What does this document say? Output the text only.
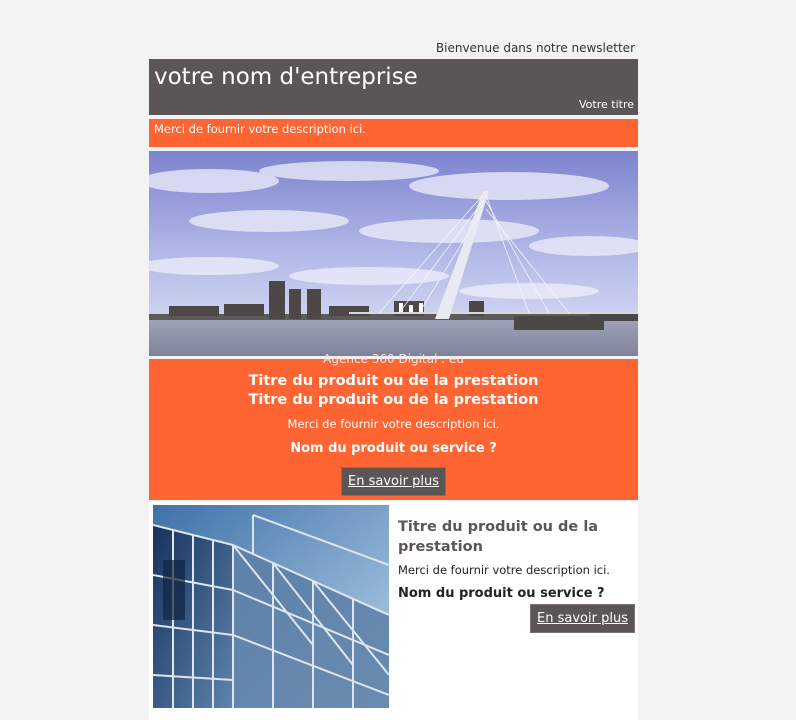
Bienvenue dans notre newsletter
votre nom d'entreprise
Votre titre
Merci de fournir votre description ici.
Agence 360 Digital . eu
Titre du produit ou de la prestation
Titre du produit ou de la prestation
Merci de fournir votre description ici.
Nom du produit ou service ?
En savoir plus
Titre du produit ou de la prestation
Merci de fournir votre description ici.
Nom du produit ou service ?
En savoir plus
